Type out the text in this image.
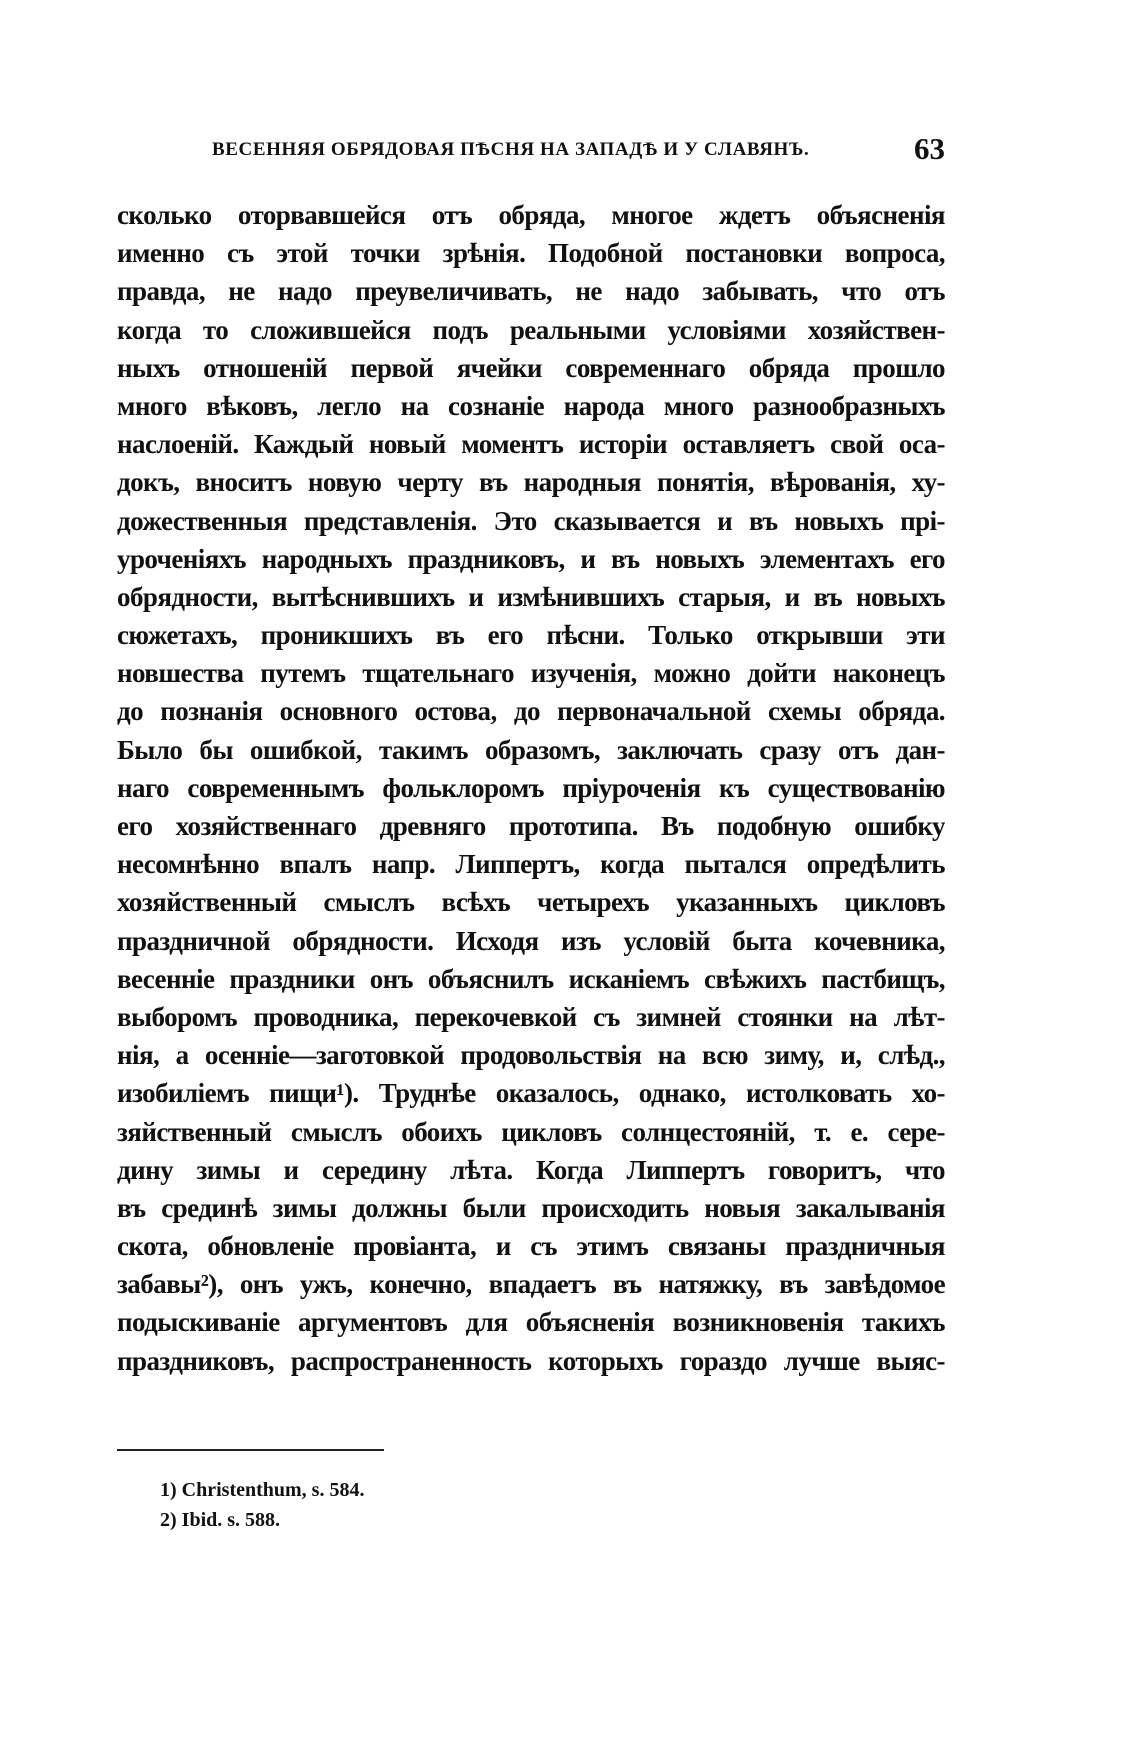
ВЕСЕННЯЯ ОБРЯДОВАЯ ПѢСНЯ НА ЗАПАДѢ И У СЛАВЯНЪ.	63
сколько оторвавшейся отъ обряда, многое ждетъ объясненія
именно съ этой точки зрѣнія. Подобной постановки вопроса,
правда, не надо преувеличивать, не надо забывать, что отъ
когда то сложившейся подъ реальными условіями хозяйствен-
ныхъ отношеній первой ячейки современнаго обряда прошло
много вѣковъ, легло на сознаніе народа много разнообразныхъ
наслоеній. Каждый новый моментъ исторіи оставляетъ свой оса-
докъ, вноситъ новую черту въ народныя понятія, вѣрованія, ху-
дожественныя представленія. Это сказывается и въ новыхъ прі-
уроченіяхъ народныхъ праздниковъ, и въ новыхъ элементахъ его
обрядности, вытѣснившихъ и измѣнившихъ старыя, и въ новыхъ
сюжетахъ, проникшихъ въ его пѣсни. Только открывши эти
новшества путемъ тщательнаго изученія, можно дойти наконецъ
до познанія основного остова, до первоначальной схемы обряда.
Было бы ошибкой, такимъ образомъ, заключать сразу отъ дан-
наго современнымъ фольклоромъ пріуроченія къ существованію
его хозяйственнаго древняго прототипа. Въ подобную ошибку
несомнѣнно впалъ напр. Липпертъ, когда пытался опредѣлить
хозяйственный смыслъ всѣхъ четырехъ указанныхъ цикловъ
праздничной обрядности. Исходя изъ условій быта кочевника,
весенніе праздники онъ объяснилъ исканіемъ свѣжихъ пастбищъ,
выборомъ проводника, перекочевкой съ зимней стоянки на лѣт-
нія, а осенніе—заготовкой продовольствія на всю зиму, и, слѣд.,
изобиліемъ пищи¹). Труднѣе оказалось, однако, истолковать хо-
зяйственный смыслъ обоихъ цикловъ солнцестояній, т. е. сере-
дину зимы и середину лѣта. Когда Липпертъ говоритъ, что
въ срединѣ зимы должны были происходить новыя закалыванія
скота, обновленіе провіанта, и съ этимъ связаны праздничныя
забавы²), онъ ужъ, конечно, впадаетъ въ натяжку, въ завѣдомое
подыскиваніе аргументовъ для объясненія возникновенія такихъ
праздниковъ, распространенность которыхъ гораздо лучше выяс-
1) Christenthum, s. 584.
2) Ibid. s. 588.
